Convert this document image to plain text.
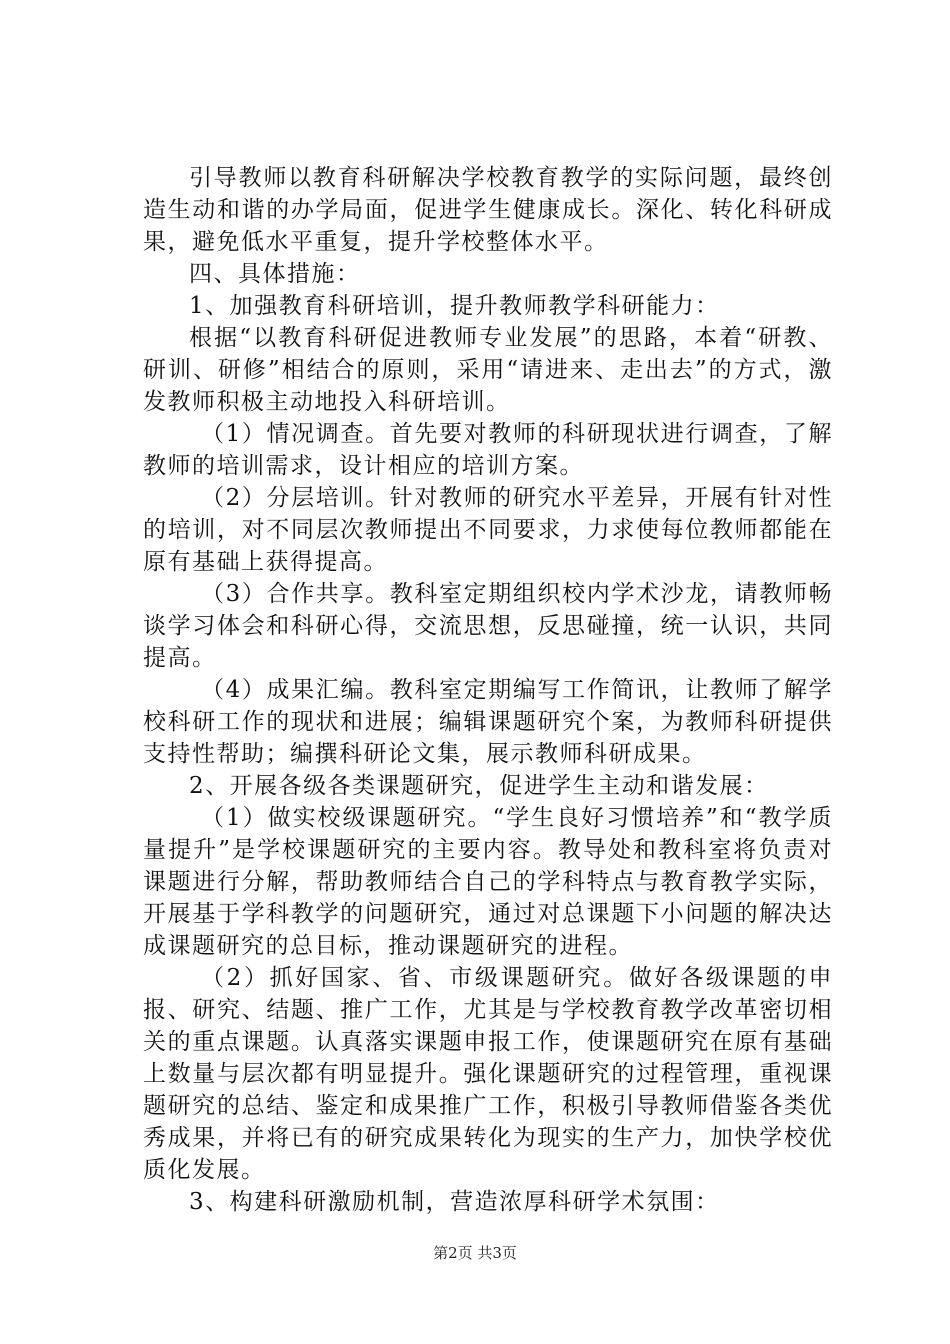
引导教师以教育科研解决学校教育教学的实际问题，最终创造生动和谐的办学局面，促进学生健康成长。深化、转化科研成果，避免低水平重复，提升学校整体水平。

四、具体措施：

1、加强教育科研培训，提升教师教学科研能力：

根据“以教育科研促进教师专业发展”的思路，本着“研教、研训、研修”相结合的原则，采用“请进来、走出去”的方式，激发教师积极主动地投入科研培训。

（1）情况调查。首先要对教师的科研现状进行调查，了解教师的培训需求，设计相应的培训方案。

（2）分层培训。针对教师的研究水平差异，开展有针对性的培训，对不同层次教师提出不同要求，力求使每位教师都能在原有基础上获得提高。

（3）合作共享。教科室定期组织校内学术沙龙，请教师畅谈学习体会和科研心得，交流思想，反思碰撞，统一认识，共同提高。

（4）成果汇编。教科室定期编写工作简讯，让教师了解学校科研工作的现状和进展；编辑课题研究个案，为教师科研提供支持性帮助；编撰科研论文集，展示教师科研成果。

2、开展各级各类课题研究，促进学生主动和谐发展：

（1）做实校级课题研究。“学生良好习惯培养”和“教学质量提升”是学校课题研究的主要内容。教导处和教科室将负责对课题进行分解，帮助教师结合自己的学科特点与教育教学实际，开展基于学科教学的问题研究，通过对总课题下小问题的解决达成课题研究的总目标，推动课题研究的进程。

（2）抓好国家、省、市级课题研究。做好各级课题的申报、研究、结题、推广工作，尤其是与学校教育教学改革密切相关的重点课题。认真落实课题申报工作，使课题研究在原有基础上数量与层次都有明显提升。强化课题研究的过程管理，重视课题研究的总结、鉴定和成果推广工作，积极引导教师借鉴各类优秀成果，并将已有的研究成果转化为现实的生产力，加快学校优质化发展。

3、构建科研激励机制，营造浓厚科研学术氛围：

第2页 共3页
